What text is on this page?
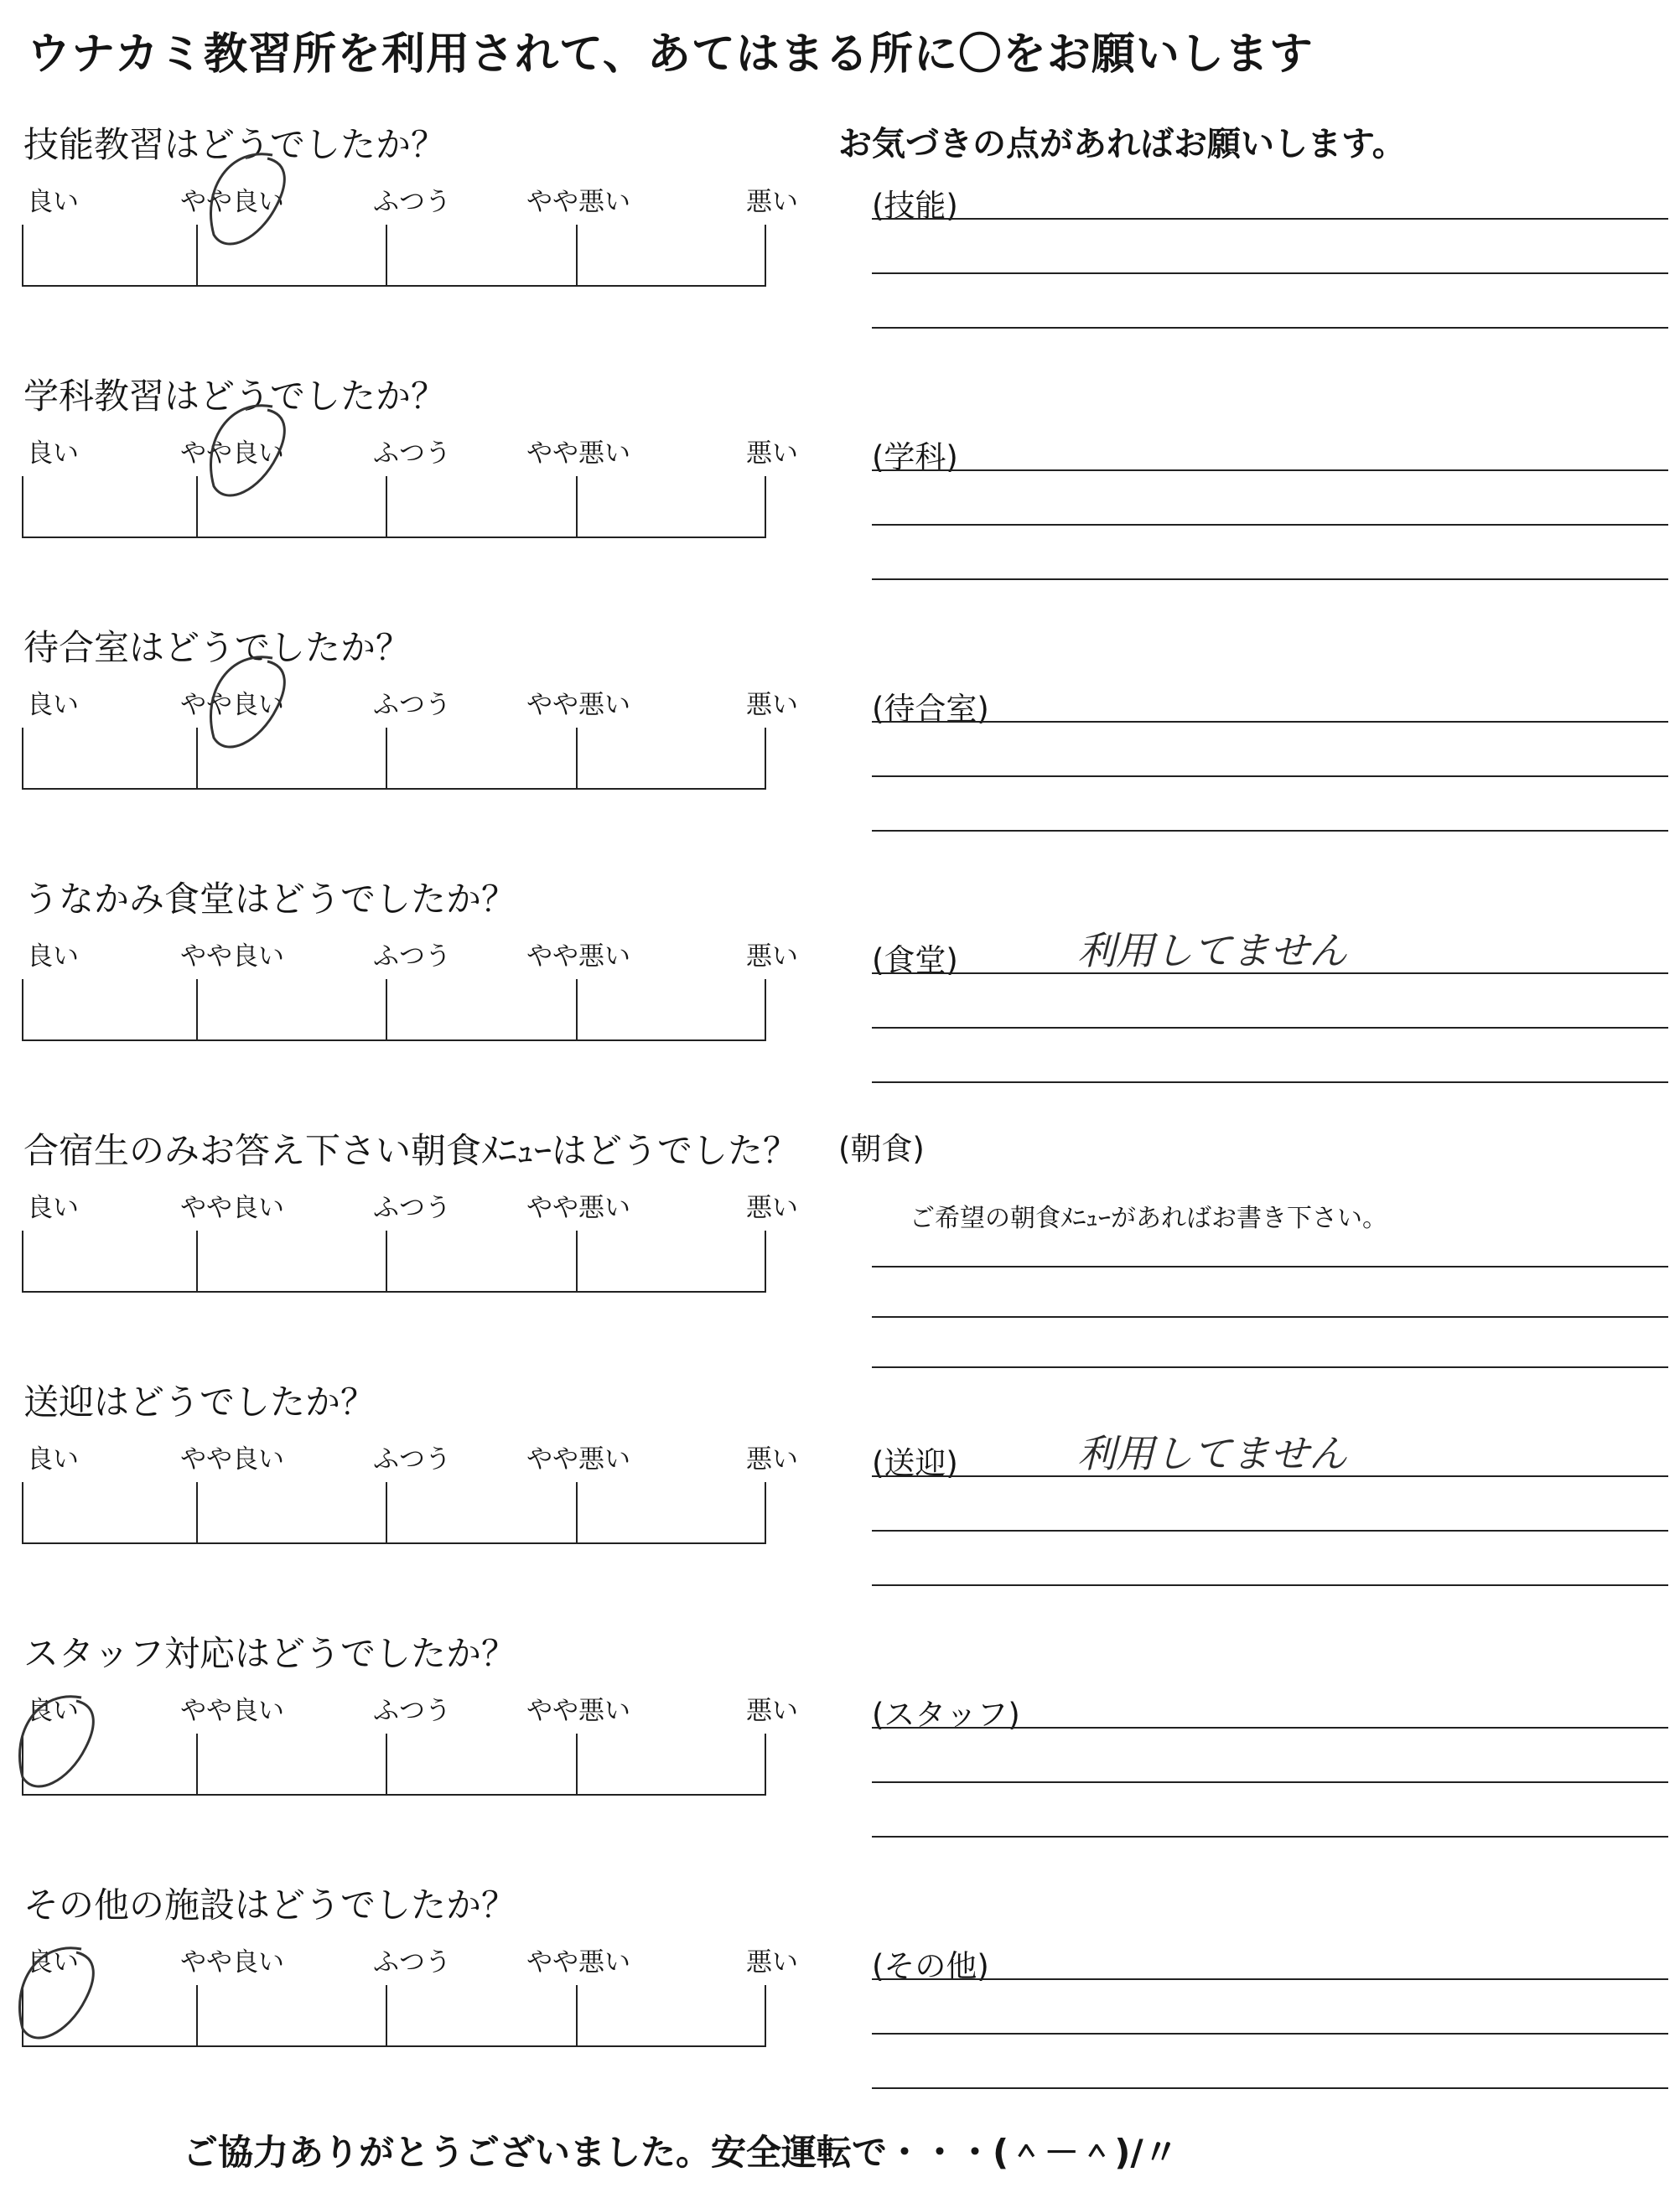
ウナカミ教習所を利用されて、あてはまる所に〇をお願いします
お気づきの点があればお願いします。
技能教習はどうでしたか？
良い	やや良い	ふつう	やや悪い	悪い (技能)
学科教習はどうでしたか？
良い	やや良い	ふつう	やや悪い	悪い (学科)
待合室はどうでしたか？
良い	やや良い	ふつう	やや悪い	悪い (待合室)
うなかみ食堂はどうでしたか？
良い	やや良い	ふつう	やや悪い	悪い (食堂)	利用してません
合宿生のみお答え下さい朝食ﾒﾆｭｰはどうでした？
良い	やや良い	ふつう	やや悪い	悪い
(朝食)
ご希望の朝食ﾒﾆｭｰがあればお書き下さい。
送迎はどうでしたか？
良い	やや良い	ふつう	やや悪い	悪い (送迎)	利用してません
スタッフ対応はどうでしたか？
良い	やや良い	ふつう	やや悪い	悪い (スタッフ)
その他の施設はどうでしたか？
良い	やや良い	ふつう	やや悪い	悪い (その他)
ご協力ありがとうございました。安全運転で・・・(＾－＾)/〃
